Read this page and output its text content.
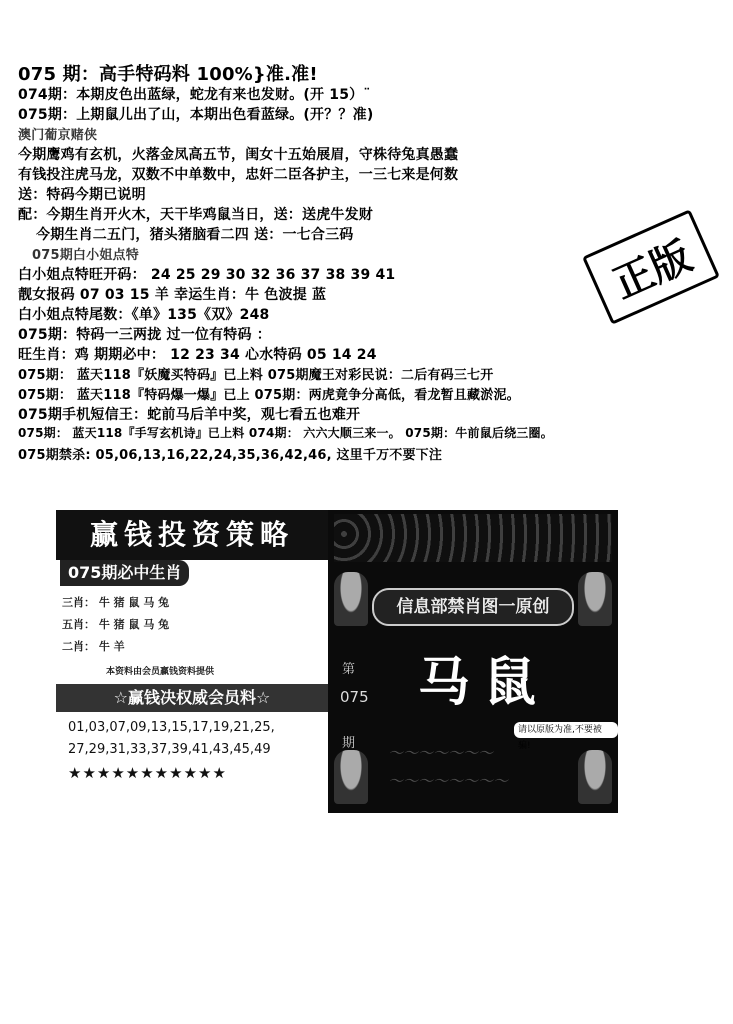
075 期：高手特码料 100%}准.准!
074期：本期皮色出蓝绿，蛇龙有来也发财。(开 15）¨
075期：上期鼠儿出了山，本期出色看蓝绿。(开？？准)
澳门葡京赌侠
今期鹰鸡有玄机，火落金凤高五节，闺女十五始展眉，守株待兔真愚蠢
有钱投注虎马龙，双数不中单数中，忠奸二臣各护主，一三七来是何数
送：特码今期已说明
配：今期生肖开火木，天干毕鸡鼠当日，送：送虎牛发财
今期生肖二五门，猪头猪脑看二四 送：一七合三码
075期白小姐点特
白小姐点特旺开码： 24 25 29 30 32 36 37 38 39 41
靓女报码 07 03 15 羊 幸运生肖：牛 色波提 蓝
白小姐点特尾数：《单》135《双》248
075期：特码一三两拢 过一位有特码 ：
旺生肖：鸡 期期必中： 12 23 34 心水特码 05 14 24
075期： 蓝天118『妖魔买特码』已上料 075期魔王对彩民说：二后有码三七开
075期： 蓝天118『特码爆一爆』已上 075期：两虎竟争分高低，看龙暂且藏淤泥。
075期手机短信王：蛇前马后羊中奖，观七看五也难开
075期： 蓝天118『手写玄机诗』已上料 074期： 六六大顺三来一。 075期：牛前鼠后绕三圈。
075期禁杀: 05,06,13,16,22,24,35,36,42,46, 这里千万不要下注
正版
赢钱投资策略
075期必中生肖
三肖： 牛 猪 鼠 马 兔
五肖： 牛 猪 鼠 马 兔
二肖： 牛 羊
本资料由会员赢钱资料提供
☆赢钱决权威会员料☆
01,03,07,09,13,15,17,19,21,25,
27,29,31,33,37,39,41,43,45,49
★★★★★★★★★★★
信息部禁肖图一原创
第 马鼠
075
期
请以原版为准,不要被骗!
～～～～～～～
～～～～～～～～
